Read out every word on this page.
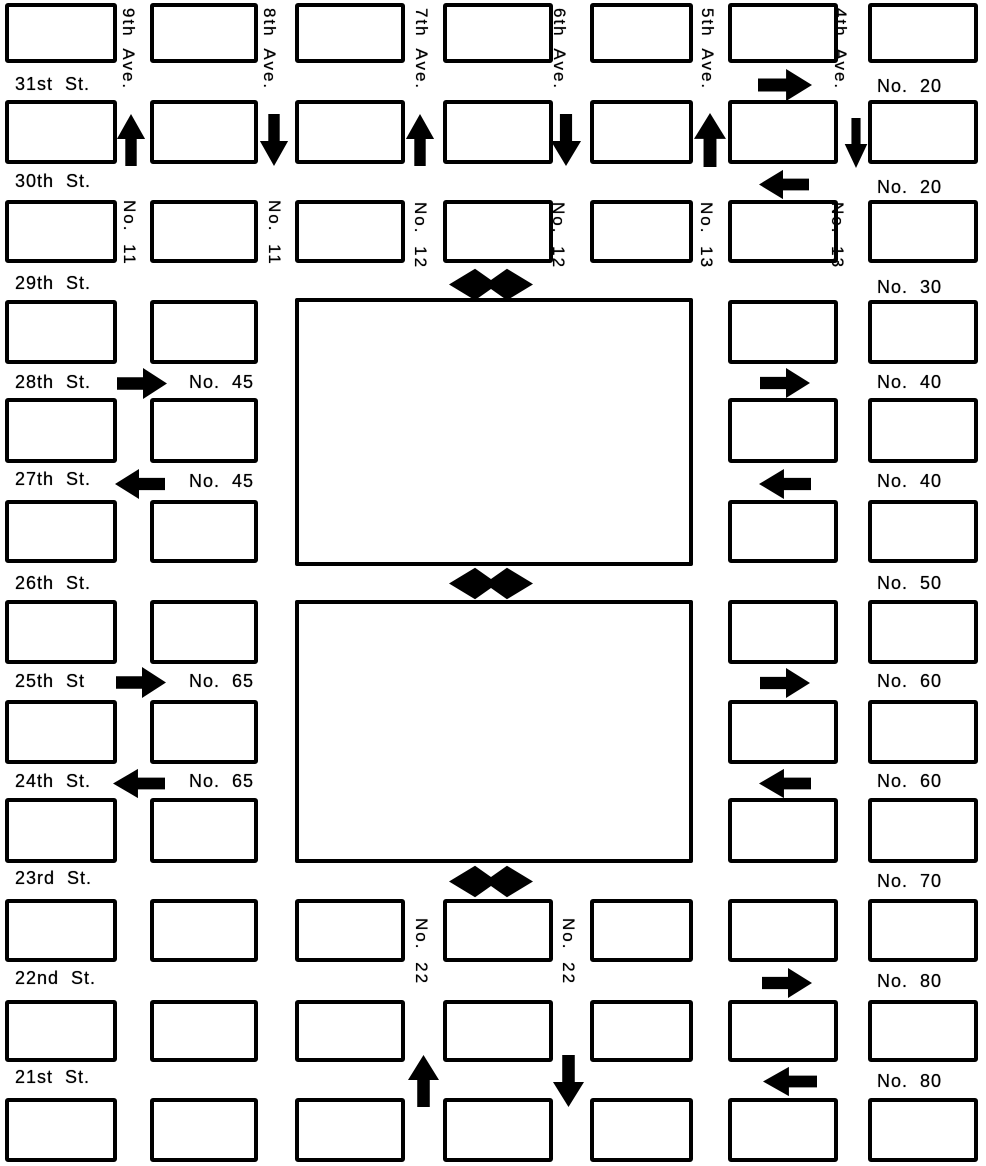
31st St.
30th St.
29th St.
28th St.
27th St.
26th St.
25th St
24th St.
23rd St.
22nd St.
21st St.
No. 20
No. 20
No. 30
No. 40
No. 40
No. 50
No. 60
No. 60
No. 70
No. 80
No. 80
No. 45
No. 45
No. 65
No. 65
9th Ave.	8th Ave.	7th Ave.	6th Ave.	5th Ave.	4th Ave.
No. 11	No. 11	No. 12	No. 12	No. 13	No. 13
No. 22	No. 22
